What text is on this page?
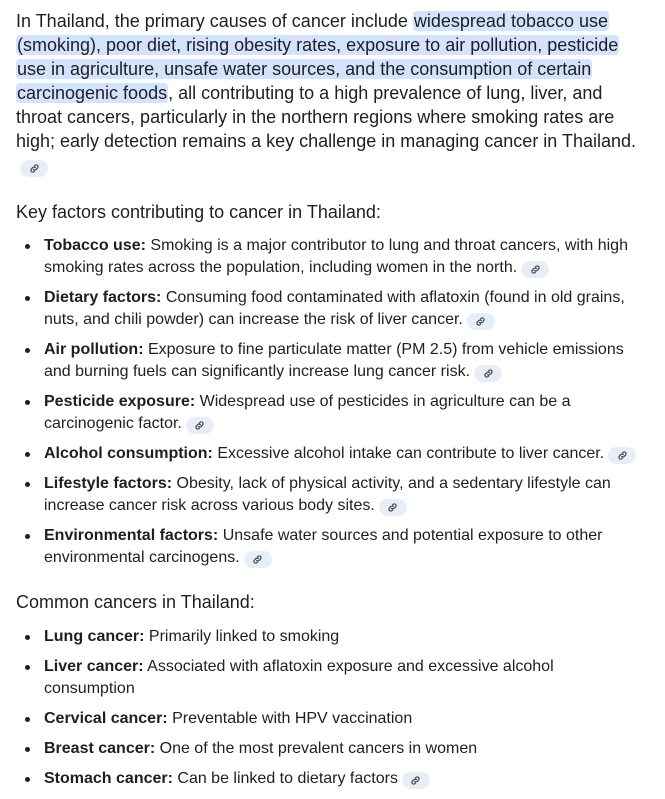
In Thailand, the primary causes of cancer include widespread tobacco use (smoking), poor diet, rising obesity rates, exposure to air pollution, pesticide use in agriculture, unsafe water sources, and the consumption of certain carcinogenic foods, all contributing to a high prevalence of lung, liver, and throat cancers, particularly in the northern regions where smoking rates are high; early detection remains a key challenge in managing cancer in Thailand.

Key factors contributing to cancer in Thailand:
Tobacco use: Smoking is a major contributor to lung and throat cancers, with high smoking rates across the population, including women in the north.
Dietary factors: Consuming food contaminated with aflatoxin (found in old grains, nuts, and chili powder) can increase the risk of liver cancer.
Air pollution: Exposure to fine particulate matter (PM 2.5) from vehicle emissions and burning fuels can significantly increase lung cancer risk.
Pesticide exposure: Widespread use of pesticides in agriculture can be a carcinogenic factor.
Alcohol consumption: Excessive alcohol intake can contribute to liver cancer.
Lifestyle factors: Obesity, lack of physical activity, and a sedentary lifestyle can increase cancer risk across various body sites.
Environmental factors: Unsafe water sources and potential exposure to other environmental carcinogens.
Common cancers in Thailand:
Lung cancer: Primarily linked to smoking
Liver cancer: Associated with aflatoxin exposure and excessive alcohol consumption
Cervical cancer: Preventable with HPV vaccination
Breast cancer: One of the most prevalent cancers in women
Stomach cancer: Can be linked to dietary factors
